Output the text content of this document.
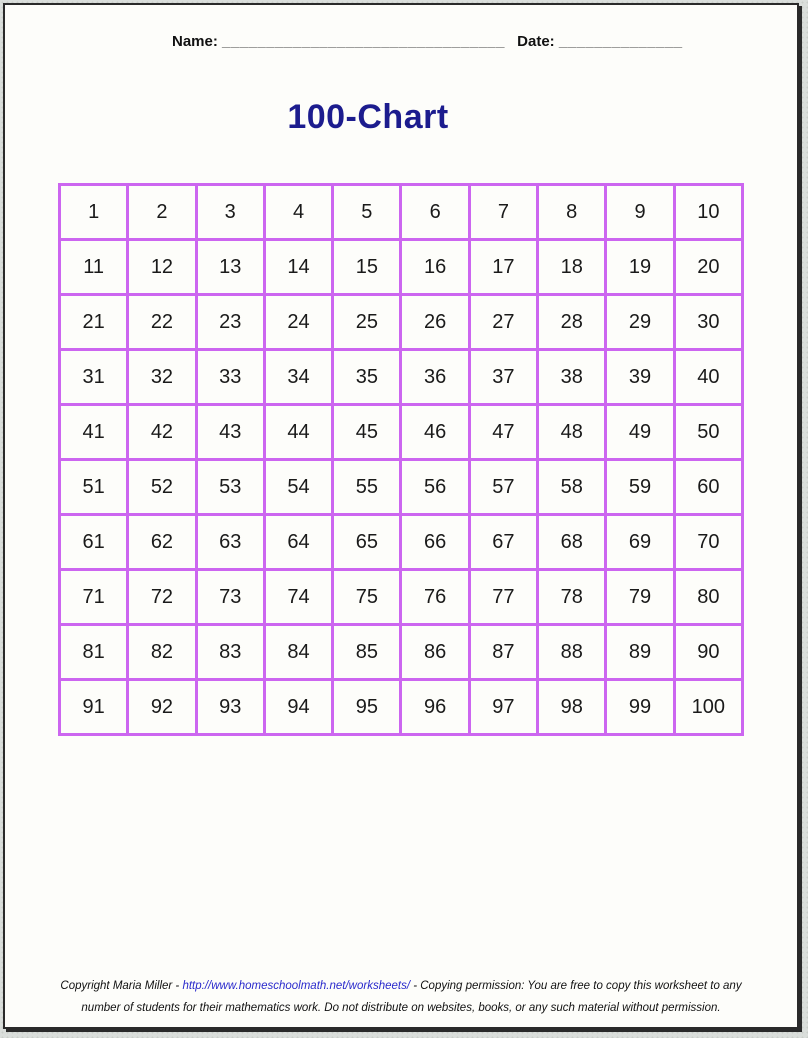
Name: ________________________________ Date: ______________
100-Chart
1	2	3	4	5	6	7	8	9	10
11	12	13	14	15	16	17	18	19	20
21	22	23	24	25	26	27	28	29	30
31	32	33	34	35	36	37	38	39	40
41	42	43	44	45	46	47	48	49	50
51	52	53	54	55	56	57	58	59	60
61	62	63	64	65	66	67	68	69	70
71	72	73	74	75	76	77	78	79	80
81	82	83	84	85	86	87	88	89	90
91	92	93	94	95	96	97	98	99	100
Copyright Maria Miller - http://www.homeschoolmath.net/worksheets/ - Copying permission: You are free to copy this worksheet to any
number of students for their mathematics work. Do not distribute on websites, books, or any such material without permission.
